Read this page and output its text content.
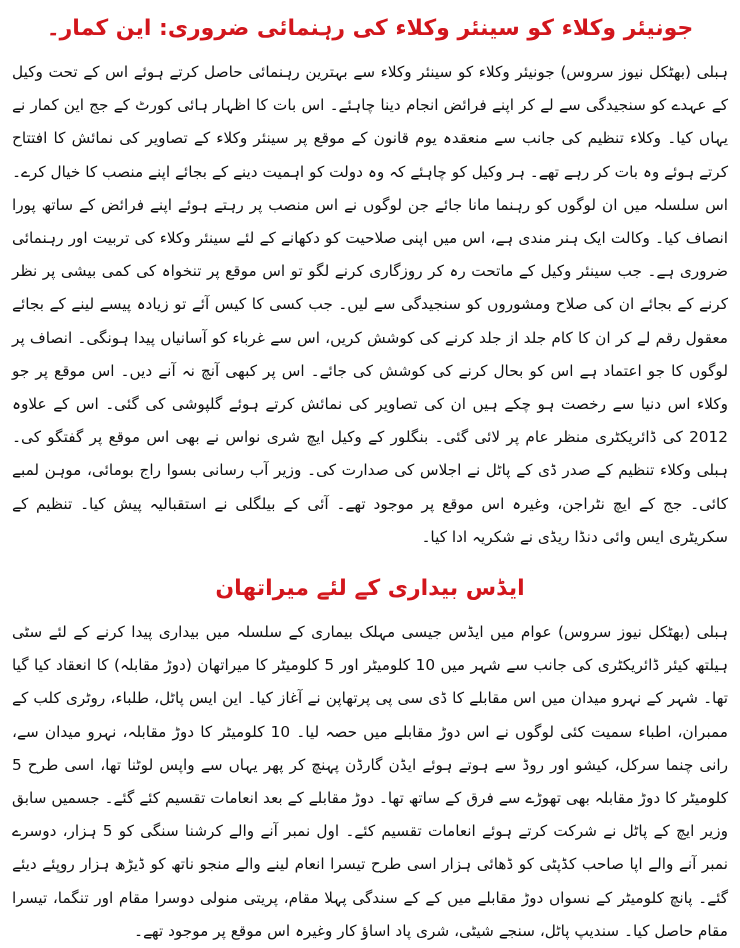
جونیئر وکلاء کو سینئر وکلاء کی رہنمائی ضروری: این کمار۔

ہبلی (بھٹکل نیوز سروس) جونیئر وکلاء کو سینئر وکلاء سے بہترین رہنمائی حاصل کرتے ہوئے اس کے تحت وکیل کے عہدے کو سنجیدگی سے لے کر اپنے فرائض انجام دینا چاہئے۔ اس بات کا اظہار ہائی کورٹ کے جج این کمار نے یہاں کیا۔ وکلاء تنظیم کی جانب سے منعقدہ یوم قانون کے موقع پر سینئر وکلاء کے تصاویر کی نمائش کا افتتاح کرتے ہوئے وہ بات کر رہے تھے۔ ہر وکیل کو چاہئے کہ وہ دولت کو اہمیت دینے کے بجائے اپنے منصب کا خیال کرے۔ اس سلسلہ میں ان لوگوں کو رہنما مانا جائے جن لوگوں نے اس منصب پر رہتے ہوئے اپنے فرائض کے ساتھ پورا انصاف کیا۔ وکالت ایک ہنر مندی ہے، اس میں اپنی صلاحیت کو دکھانے کے لئے سینئر وکلاء کی تربیت اور رہنمائی ضروری ہے۔ جب سینئر وکیل کے ماتحت رہ کر روزگاری کرنے لگو تو اس موقع پر تنخواہ کی کمی بیشی پر نظر کرنے کے بجائے ان کی صلاح ومشوروں کو سنجیدگی سے لیں۔ جب کسی کا کیس آئے تو زیادہ پیسے لینے کے بجائے معقول رقم لے کر ان کا کام جلد از جلد کرنے کی کوشش کریں، اس سے غرباء کو آسانیاں پیدا ہونگی۔ انصاف پر لوگوں کا جو اعتماد ہے اس کو بحال کرنے کی کوشش کی جائے۔ اس پر کبھی آنچ نہ آنے دیں۔ اس موقع پر جو وکلاء اس دنیا سے رخصت ہو چکے ہیں ان کی تصاویر کی نمائش کرتے ہوئے گلپوشی کی گئی۔ اس کے علاوہ 2012 کی ڈائریکٹری منظر عام پر لائی گئی۔ بنگلور کے وکیل ایچ شری نواس نے بھی اس موقع پر گفتگو کی۔ ہبلی وکلاء تنظیم کے صدر ڈی کے پاٹل نے اجلاس کی صدارت کی۔ وزیر آب رسانی بسوا راج بومائی، موہن لمبے کائی۔ جج کے ایچ نٹراجن، وغیرہ اس موقع پر موجود تھے۔ آئی کے بیلگلی نے استقبالیہ پیش کیا۔ تنظیم کے سکریٹری ایس وائی دنڈا ریڈی نے شکریہ ادا کیا۔

ایڈس بیداری کے لئے میراتھان

ہبلی (بھٹکل نیوز سروس) عوام میں ایڈس جیسی مہلک بیماری کے سلسلہ میں بیداری پیدا کرنے کے لئے سٹی ہیلتھ کیئر ڈائریکٹری کی جانب سے شہر میں 10 کلومیٹر اور 5 کلومیٹر کا میراتھان (دوڑ مقابلہ) کا انعقاد کیا گیا تھا۔ شہر کے نہرو میدان میں اس مقابلے کا ڈی سی پی پرتھاپن نے آغاز کیا۔ این ایس پاٹل، طلباء، روٹری کلب کے ممبران، اطباء سمیت کئی لوگوں نے اس دوڑ مقابلے میں حصہ لیا۔ 10 کلومیٹر کا دوڑ مقابلہ، نہرو میدان سے، رانی چنما سرکل، کیشو اور روڈ سے ہوتے ہوئے ایڈن گارڈن پہنچ کر پھر یہاں سے واپس لوٹنا تھا، اسی طرح 5 کلومیٹر کا دوڑ مقابلہ بھی تھوڑے سے فرق کے ساتھ تھا۔ دوڑ مقابلے کے بعد انعامات تقسیم کئے گئے۔ جسمیں سابق وزیر ایچ کے پاٹل نے شرکت کرتے ہوئے انعامات تقسیم کئے۔ اول نمبر آنے والے کرشنا سنگی کو 5 ہزار، دوسرے نمبر آنے والے اپا صاحب کڈپٹی کو ڈھائی ہزار اسی طرح تیسرا انعام لینے والے منجو ناتھ کو ڈیڑھ ہزار روپئے دیئے گئے۔ پانچ کلومیٹر کے نسواں دوڑ مقابلے میں کے کے سندگی پہلا مقام، پریتی منولی دوسرا مقام اور تنگما، تیسرا مقام حاصل کیا۔ سندیپ پاٹل، سنجے شیٹی، شری پاد اساؤ کار وغیرہ اس موقع پر موجود تھے۔
